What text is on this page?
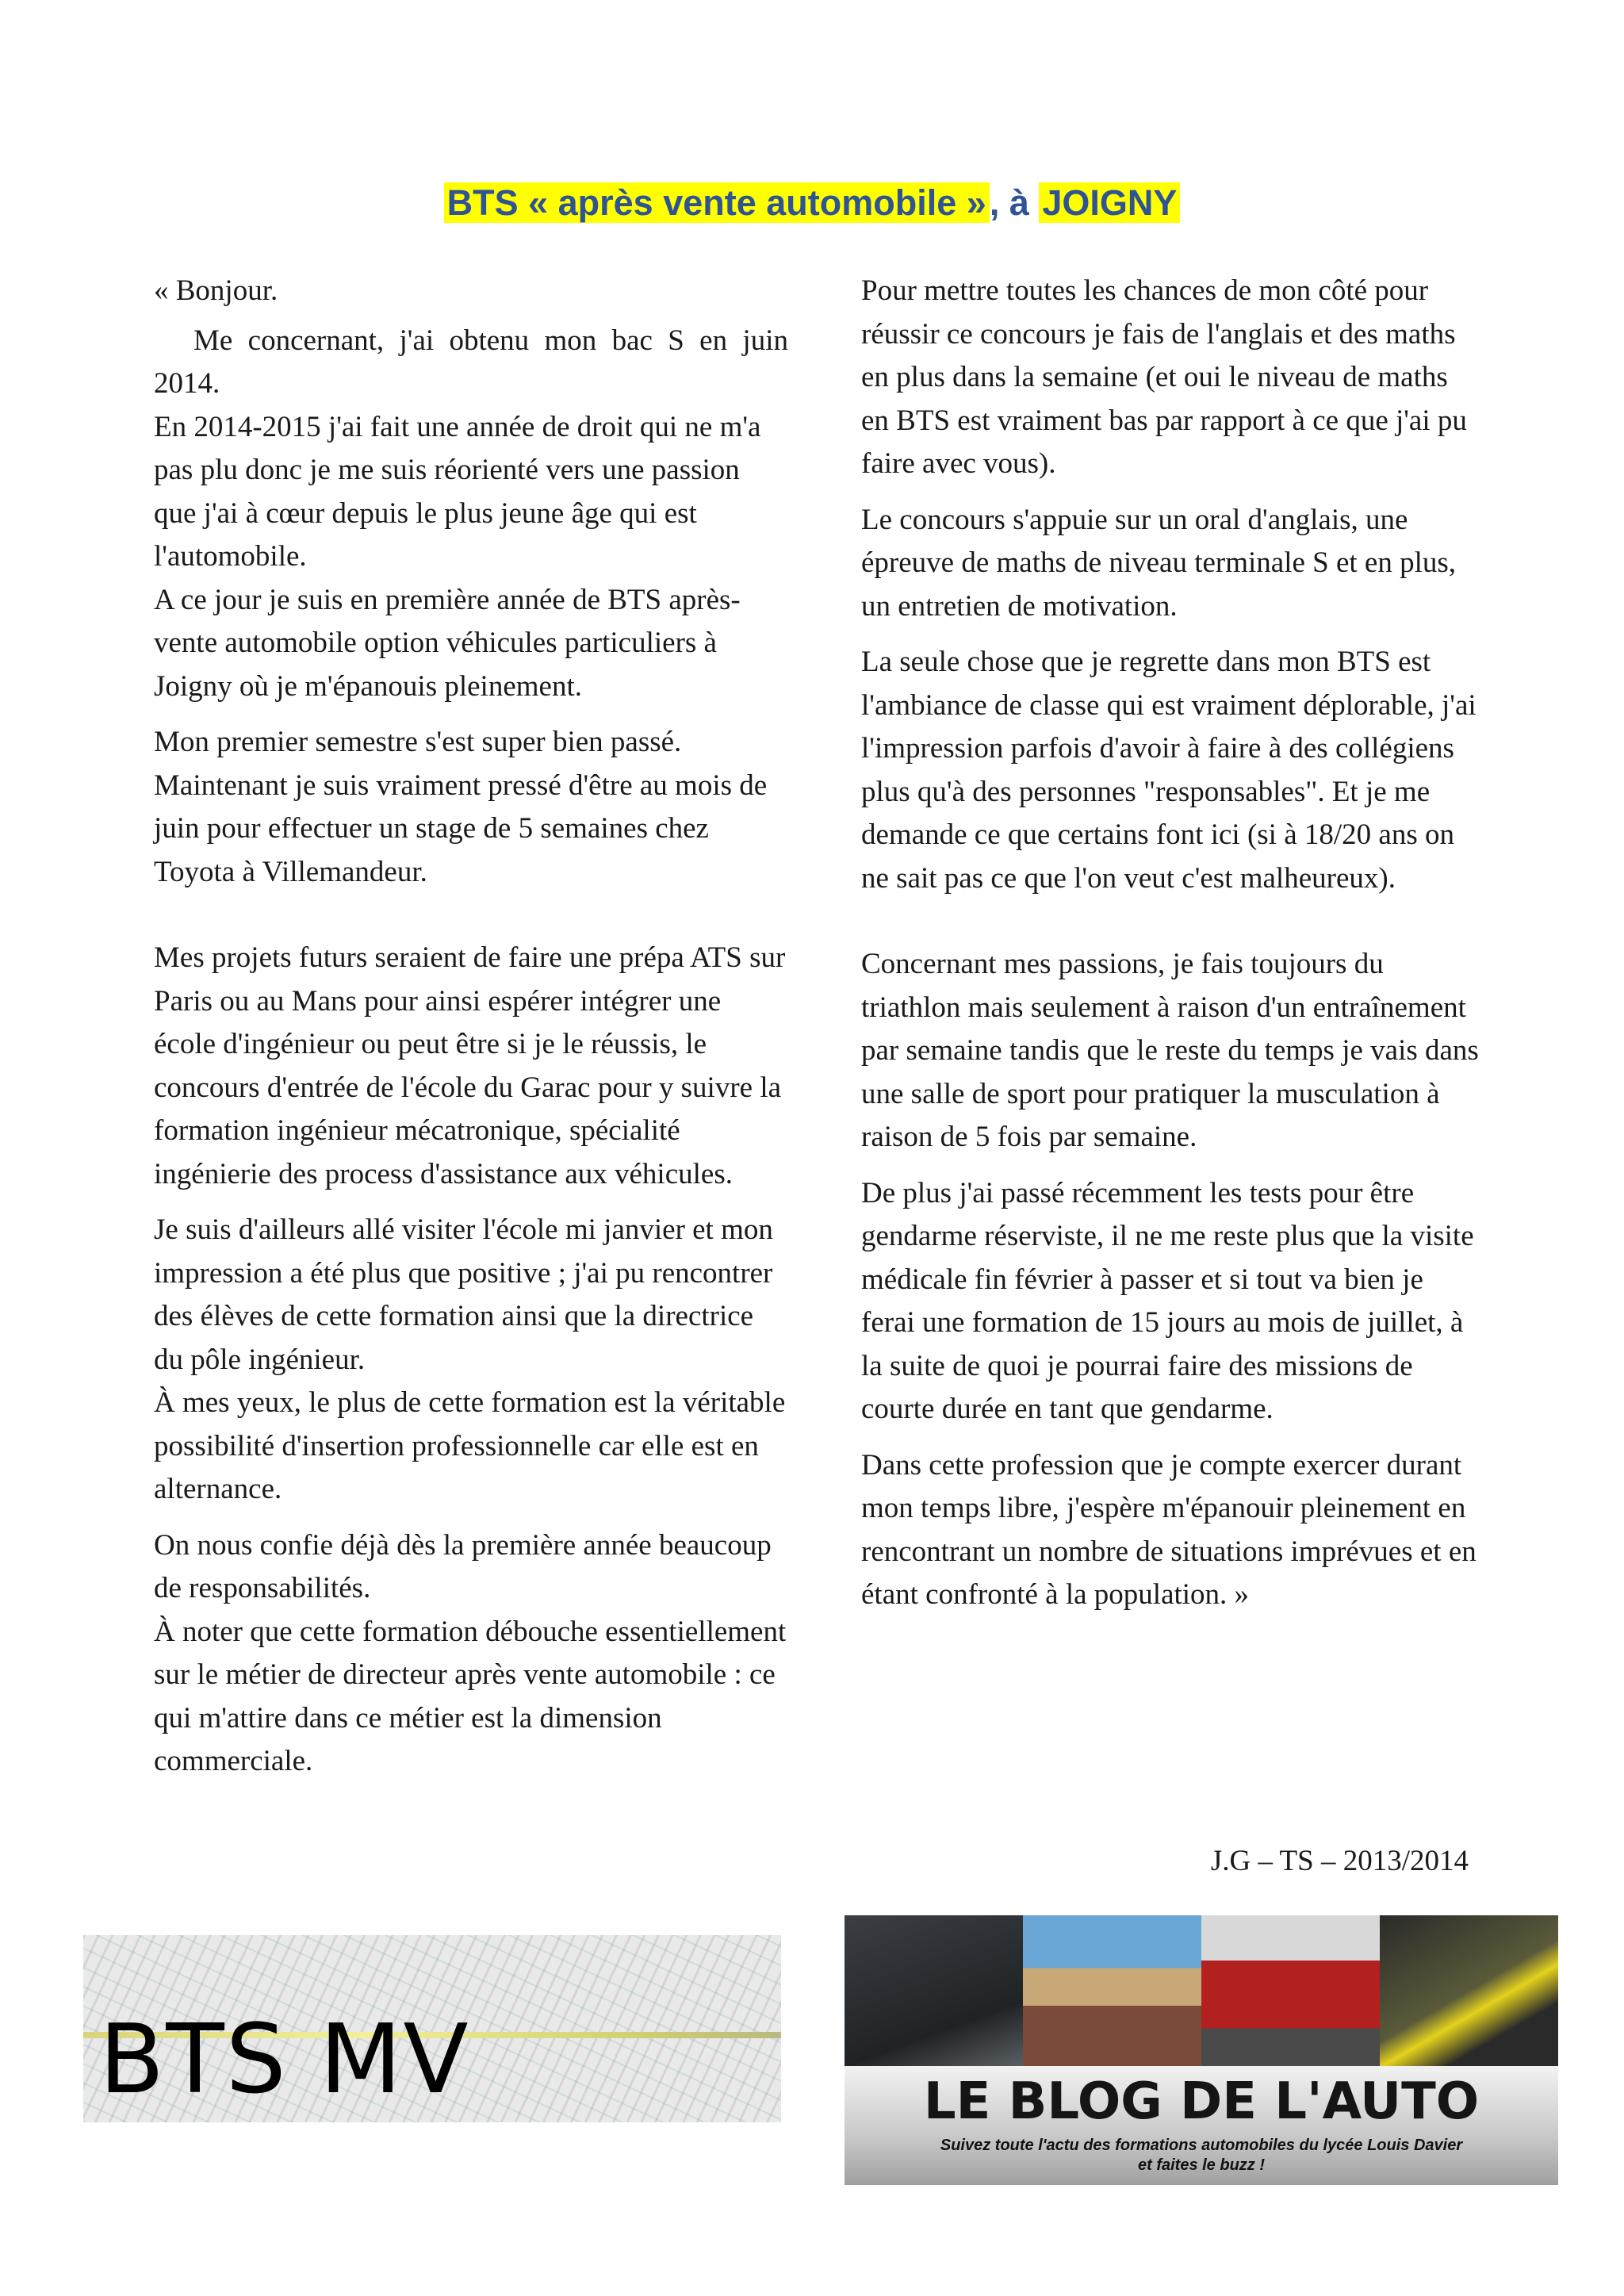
BTS « après vente automobile », à JOIGNY

« Bonjour.

Me concernant, j'ai obtenu mon bac S en juin 2014.

En 2014-2015 j'ai fait une année de droit qui ne m'a pas plu donc je me suis réorienté vers une passion que j'ai à cœur depuis le plus jeune âge qui est l'automobile.

A ce jour je suis en première année de BTS après-vente automobile option véhicules particuliers à Joigny où je m'épanouis pleinement.

Mon premier semestre s'est super bien passé. Maintenant je suis vraiment pressé d'être au mois de juin pour effectuer un stage de 5 semaines chez Toyota à Villemandeur.

Mes projets futurs seraient de faire une prépa ATS sur Paris ou au Mans pour ainsi espérer intégrer une école d'ingénieur ou peut être si je le réussis, le concours d'entrée de l'école du Garac pour y suivre la formation ingénieur mécatronique, spécialité ingénierie des process d'assistance aux véhicules.

Je suis d'ailleurs allé visiter l'école mi janvier et mon impression a été plus que positive ; j'ai pu rencontrer des élèves de cette formation ainsi que la directrice du pôle ingénieur.

À mes yeux, le plus de cette formation est la véritable possibilité d'insertion professionnelle car elle est en alternance.

On nous confie déjà dès la première année beaucoup de responsabilités.

À noter que cette formation débouche essentiellement sur le métier de directeur après vente automobile : ce qui m'attire dans ce métier est la dimension commerciale.

Pour mettre toutes les chances de mon côté pour réussir ce concours je fais de l'anglais et des maths en plus dans la semaine (et oui le niveau de maths en BTS est vraiment bas par rapport à ce que j'ai pu faire avec vous).

Le concours s'appuie sur un oral d'anglais, une épreuve de maths de niveau terminale S et en plus, un entretien de motivation.

La seule chose que je regrette dans mon BTS est l'ambiance de classe qui est vraiment déplorable, j'ai l'impression parfois d'avoir à faire à des collégiens plus qu'à des personnes "responsables". Et je me demande ce que certains font ici (si à 18/20 ans on ne sait pas ce que l'on veut c'est malheureux).

Concernant mes passions, je fais toujours du triathlon mais seulement à raison d'un entraînement par semaine tandis que le reste du temps je vais dans une salle de sport pour pratiquer la musculation à raison de 5 fois par semaine.

De plus j'ai passé récemment les tests pour être gendarme réserviste, il ne me reste plus que la visite médicale fin février à passer et si tout va bien je ferai une formation de 15 jours au mois de juillet, à la suite de quoi je pourrai faire des missions de courte durée en tant que gendarme.

Dans cette profession que je compte exercer durant mon temps libre, j'espère m'épanouir pleinement en rencontrant un nombre de situations imprévues et en étant confronté à la population. »

J.G – TS – 2013/2014
BTS MV	LE BLOG DE L'AUTO
Suivez toute l'actu des formations automobiles du lycée Louis Davier
et faites le buzz !
